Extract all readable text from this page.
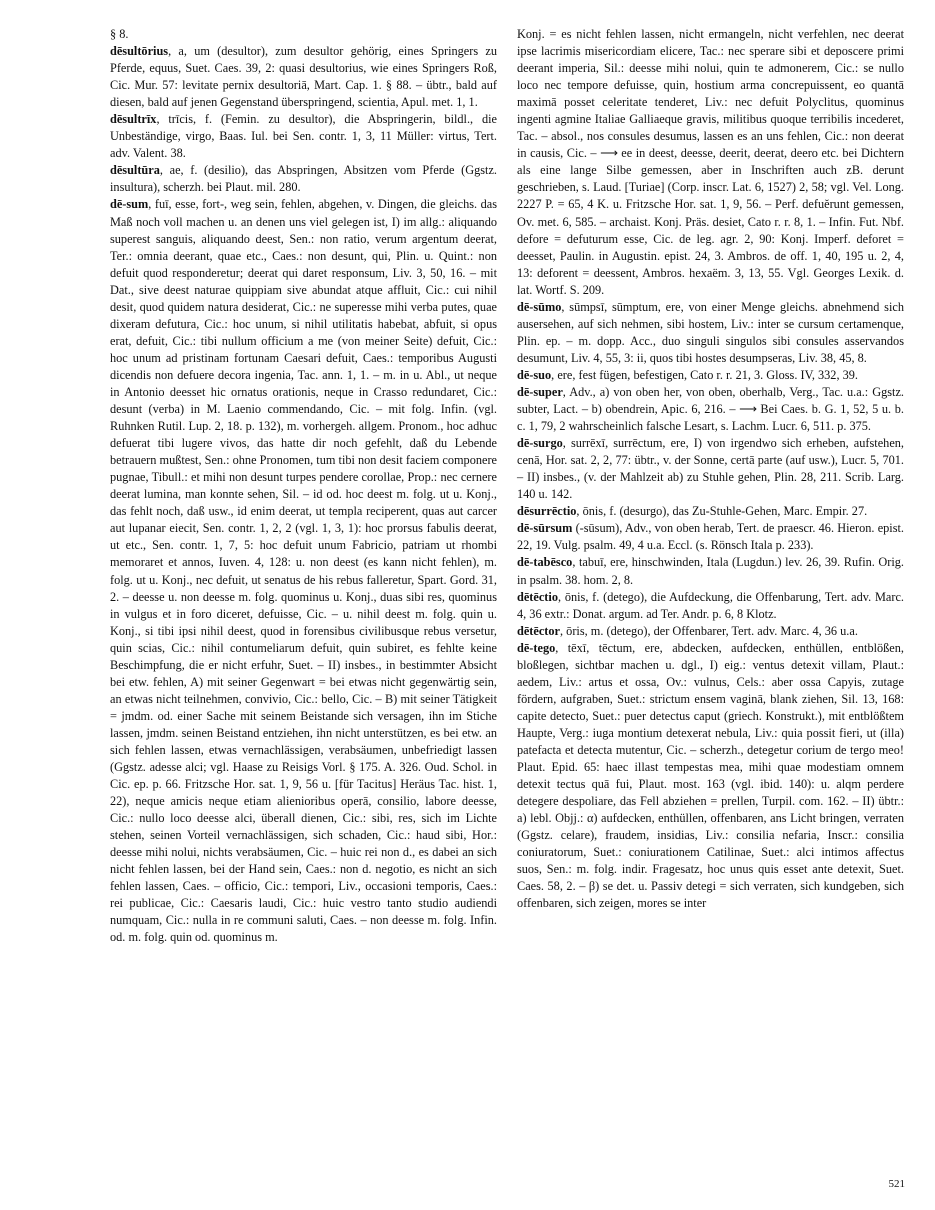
§ 8.

dēsultōrius, a, um (desultor), zum desultor gehörig, eines Springers zu Pferde, equus, Suet. Caes. 39, 2: quasi desultorius, wie eines Springers Roß, Cic. Mur. 57: levitate pernix desultoriā, Mart. Cap. 1. § 88. – übtr., bald auf diesen, bald auf jenen Gegenstand überspringend, scientia, Apul. met. 1, 1.

dēsultrīx, trīcis, f. (Femin. zu desultor), die Abspringerin, bildl., die Unbeständige, virgo, Baas. Iul. bei Sen. contr. 1, 3, 11 Müller: virtus, Tert. adv. Valent. 38.

dēsultūra, ae, f. (desilio), das Abspringen, Absitzen vom Pferde (Ggstz. insultura), scherzh. bei Plaut. mil. 280.

dē-sum, fuī, esse, fort-, weg sein, fehlen, abgehen, v. Dingen, die gleichs. das Maß noch voll machen u. an denen uns viel gelegen ist, I) im allg.: aliquando superest sanguis, aliquando deest, Sen.: non ratio, verum argentum deerat, Ter.: omnia deerant, quae etc., Caes.: non desunt, qui, Plin. u. Quint.: non defuit quod responderetur; deerat qui daret responsum, Liv. 3, 50, 16. – mit Dat., sive deest naturae quippiam sive abundat atque affluit, Cic.: cui nihil desit, quod quidem natura desiderat, Cic.: ne superesse mihi verba putes, quae dixeram defutura, Cic.: hoc unum, si nihil utilitatis habebat, abfuit, si opus erat, defuit, Cic.: tibi nullum officium a me (von meiner Seite) defuit, Cic.: hoc unum ad pristinam fortunam Caesari defuit, Caes.: temporibus Augusti dicendis non defuere decora ingenia, Tac. ann. 1, 1. – m. in u. Abl., ut neque in Antonio deesset hic ornatus orationis, neque in Crasso redundaret, Cic.: desunt (verba) in M. Laenio commendando, Cic. – mit folg. Infin. (vgl. Ruhnken Rutil. Lup. 2, 18. p. 132), m. vorhergeh. allgem. Pronom., hoc adhuc defuerat tibi lugere vivos, das hatte dir noch gefehlt, daß du Lebende betrauern mußtest, Sen.: ohne Pronomen, tum tibi non desit faciem componere pugnae, Tibull.: et mihi non desunt turpes pendere corollae, Prop.: nec cernere deerat lumina, man konnte sehen, Sil. – id od. hoc deest m. folg. ut u. Konj., das fehlt noch, daß usw., id enim deerat, ut templa reciperent, quas aut carcer aut lupanar eiecit, Sen. contr. 1, 2, 2 (vgl. 1, 3, 1): hoc prorsus fabulis deerat, ut etc., Sen. contr. 1, 7, 5: hoc defuit unum Fabricio, patriam ut rhombi memoraret et annos, Iuven. 4, 128: u. non deest (es kann nicht fehlen), m. folg. ut u. Konj., nec defuit, ut senatus de his rebus falleretur, Spart. Gord. 31, 2. – deesse u. non deesse m. folg. quominus u. Konj., duas sibi res, quominus in vulgus et in foro diceret, defuisse, Cic. – u. nihil deest m. folg. quin u. Konj., si tibi ipsi nihil deest, quod in forensibus civilibusque rebus versetur, quin scias, Cic.: nihil contumeliarum defuit, quin subiret, es fehlte keine Beschimpfung, die er nicht erfuhr, Suet. – II) insbes., in bestimmter Absicht bei etw. fehlen, A) mit seiner Gegenwart = bei etwas nicht gegenwärtig sein, an etwas nicht teilnehmen, convivio, Cic.: bello, Cic. – B) mit seiner Tätigkeit = jmdm. od. einer Sache mit seinem Beistande sich versagen, ihn im Stiche lassen, jmdm. seinen Beistand entziehen, ihn nicht unterstützen, es bei etw. an sich fehlen lassen, etwas vernachlässigen, verabsäumen, unbefriedigt lassen (Ggstz. adesse alci; vgl. Haase zu Reisigs Vorl. § 175. A. 326. Oud. Schol. in Cic. ep. p. 66. Fritzsche Hor. sat. 1, 9, 56 u. [für Tacitus] Heräus Tac. hist. 1, 22), neque amicis neque etiam alienioribus operā, consilio, labore deesse, Cic.: nullo loco deesse alci, überall dienen, Cic.: sibi, res, sich im Lichte stehen, seinen Vorteil vernachlässigen, sich schaden, Cic.: haud sibi, Hor.: deesse mihi nolui, nichts verabsäumen, Cic. – huic rei non d., es dabei an sich nicht fehlen lassen, bei der Hand sein, Caes.: non d. negotio, es nicht an sich fehlen lassen, Caes. – officio, Cic.: tempori, Liv., occasioni temporis, Caes.: rei publicae, Cic.: Caesaris laudi, Cic.: huic vestro tanto studio audiendi numquam, Cic.: nulla in re communi saluti, Caes. – non deesse m. folg. Infin. od. m. folg. quin od. quominus m.

Konj. = es nicht fehlen lassen, nicht ermangeln, nicht verfehlen, nec deerat ipse lacrimis misericordiam elicere, Tac.: nec sperare sibi et deposcere primi deerant imperia, Sil.: deesse mihi nolui, quin te admonerem, Cic.: se nullo loco nec tempore defuisse, quin, hostium arma concrepuissent, eo quantā maximā posset celeritate tenderet, Liv.: nec defuit Polyclitus, quominus ingenti agmine Italiae Galliaeque gravis, militibus quoque terribilis incederet, Tac. – absol., nos consules desumus, lassen es an uns fehlen, Cic.: non deerat in causis, Cic. – ⟶ ee in deest, deesse, deerit, deerat, deero etc. bei Dichtern als eine lange Silbe gemessen, aber in Inschriften auch zB. derunt geschrieben, s. Laud. [Turiae] (Corp. inscr. Lat. 6, 1527) 2, 58; vgl. Vel. Long. 2227 P. = 65, 4 K. u. Fritzsche Hor. sat. 1, 9, 56. – Perf. defuĕrunt gemessen, Ov. met. 6, 585. – archaist. Konj. Präs. desiet, Cato r. r. 8, 1. – Infin. Fut. Nbf. defore = defuturum esse, Cic. de leg. agr. 2, 90: Konj. Imperf. deforet = deesset, Paulin. in Augustin. epist. 24, 3. Ambros. de off. 1, 40, 195 u. 2, 4, 13: deforent = deessent, Ambros. hexaëm. 3, 13, 55. Vgl. Georges Lexik. d. lat. Wortf. S. 209.

dē-sūmo, sūmpsī, sūmptum, ere, von einer Menge gleichs. abnehmend sich ausersehen, auf sich nehmen, sibi hostem, Liv.: inter se cursum certamenque, Plin. ep. – m. dopp. Acc., duo singuli singulos sibi consules asservandos desumunt, Liv. 4, 55, 3: ii, quos tibi hostes desumpseras, Liv. 38, 45, 8.

dē-suo, ere, fest fügen, befestigen, Cato r. r. 21, 3. Gloss. IV, 332, 39.

dē-super, Adv., a) von oben her, von oben, oberhalb, Verg., Tac. u.a.: Ggstz. subter, Lact. – b) obendrein, Apic. 6, 216. – ⟶ Bei Caes. b. G. 1, 52, 5 u. b. c. 1, 79, 2 wahrscheinlich falsche Lesart, s. Lachm. Lucr. 6, 511. p. 375.

dē-surgo, surrēxī, surrēctum, ere, I) von irgendwo sich erheben, aufstehen, cenā, Hor. sat. 2, 2, 77: übtr., v. der Sonne, certā parte (auf usw.), Lucr. 5, 701. – II) insbes., (v. der Mahlzeit ab) zu Stuhle gehen, Plin. 28, 211. Scrib. Larg. 140 u. 142.

dēsurrēctio, ōnis, f. (desurgo), das Zu-Stuhle-Gehen, Marc. Empir. 27.

dē-sūrsum (-sūsum), Adv., von oben herab, Tert. de praescr. 46. Hieron. epist. 22, 19. Vulg. psalm. 49, 4 u.a. Eccl. (s. Rönsch Itala p. 233).

dē-tabēsco, tabuī, ere, hinschwinden, Itala (Lugdun.) lev. 26, 39. Rufin. Orig. in psalm. 38. hom. 2, 8.

dētēctio, ōnis, f. (detego), die Aufdeckung, die Offenbarung, Tert. adv. Marc. 4, 36 extr.: Donat. argum. ad Ter. Andr. p. 6, 8 Klotz.

dētēctor, ōris, m. (detego), der Offenbarer, Tert. adv. Marc. 4, 36 u.a.

dē-tego, tēxī, tēctum, ere, abdecken, aufdecken, enthüllen, entblößen, bloßlegen, sichtbar machen u. dgl., I) eig.: ventus detexit villam, Plaut.: aedem, Liv.: artus et ossa, Ov.: vulnus, Cels.: aber ossa Capyis, zutage fördern, aufgraben, Suet.: strictum ensem vaginā, blank ziehen, Sil. 13, 168: capite detecto, Suet.: puer detectus caput (griech. Konstrukt.), mit entblößtem Haupte, Verg.: iuga montium detexerat nebula, Liv.: quia possit fieri, ut (illa) patefacta et detecta mutentur, Cic. – scherzh., detegetur corium de tergo meo! Plaut. Epid. 65: haec illast tempestas mea, mihi quae modestiam omnem detexit tectus quā fui, Plaut. most. 163 (vgl. ibid. 140): u. alqm perdere detegere despoliare, das Fell abziehen = prellen, Turpil. com. 162. – II) übtr.: a) lebl. Objj.: α) aufdecken, enthüllen, offenbaren, ans Licht bringen, verraten (Ggstz. celare), fraudem, insidias, Liv.: consilia nefaria, Inscr.: consilia coniuratorum, Suet.: coniurationem Catilinae, Suet.: alci intimos affectus suos, Sen.: m. folg. indir. Fragesatz, hoc unus quis esset ante detexit, Suet. Caes. 58, 2. – β) se det. u. Passiv detegi = sich verraten, sich kundgeben, sich offenbaren, sich zeigen, mores se inter

521
